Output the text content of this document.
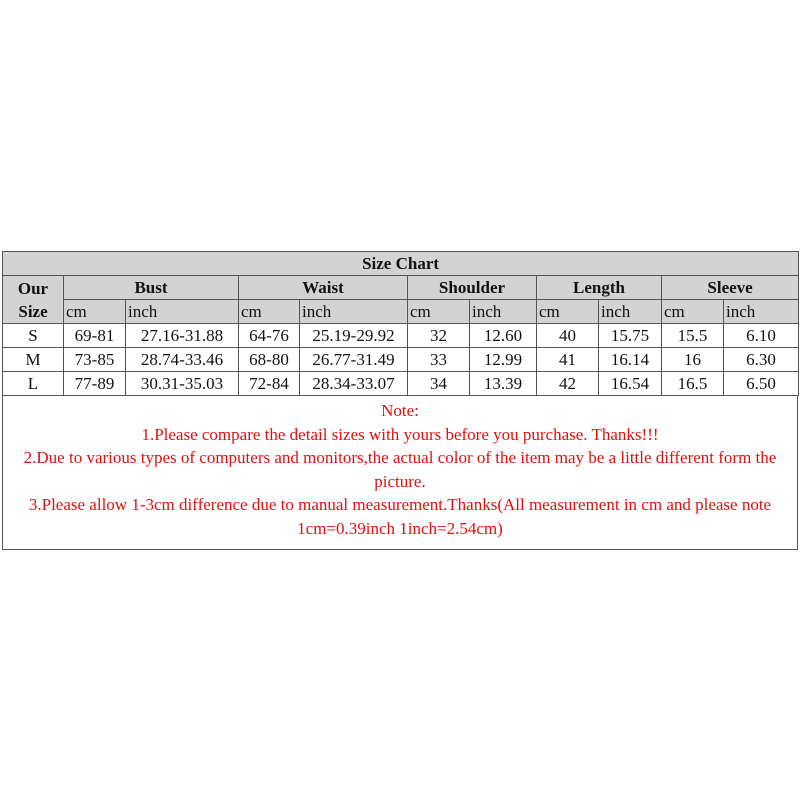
Size Chart										

Our
Size	Bust		Waist		Shoulder		Length		Sleeve	
	cm	inch	cm	inch	cm	inch	cm	inch	cm	inch
S	69-81	27.16-31.88	64-76	25.19-29.92	32	12.60	40	15.75	15.5	6.10
M	73-85	28.74-33.46	68-80	26.77-31.49	33	12.99	41	16.14	16	6.30
L	77-89	30.31-35.03	72-84	28.34-33.07	34	13.39	42	16.54	16.5	6.50
Note:
1.Please compare the detail sizes with yours before you purchase. Thanks!!!
2.Due to various types of computers and monitors,the actual color of the item may be a little different form the picture.
3.Please allow 1-3cm difference due to manual measurement.Thanks(All measurement in cm and please note 1cm=0.39inch 1inch=2.54cm)
